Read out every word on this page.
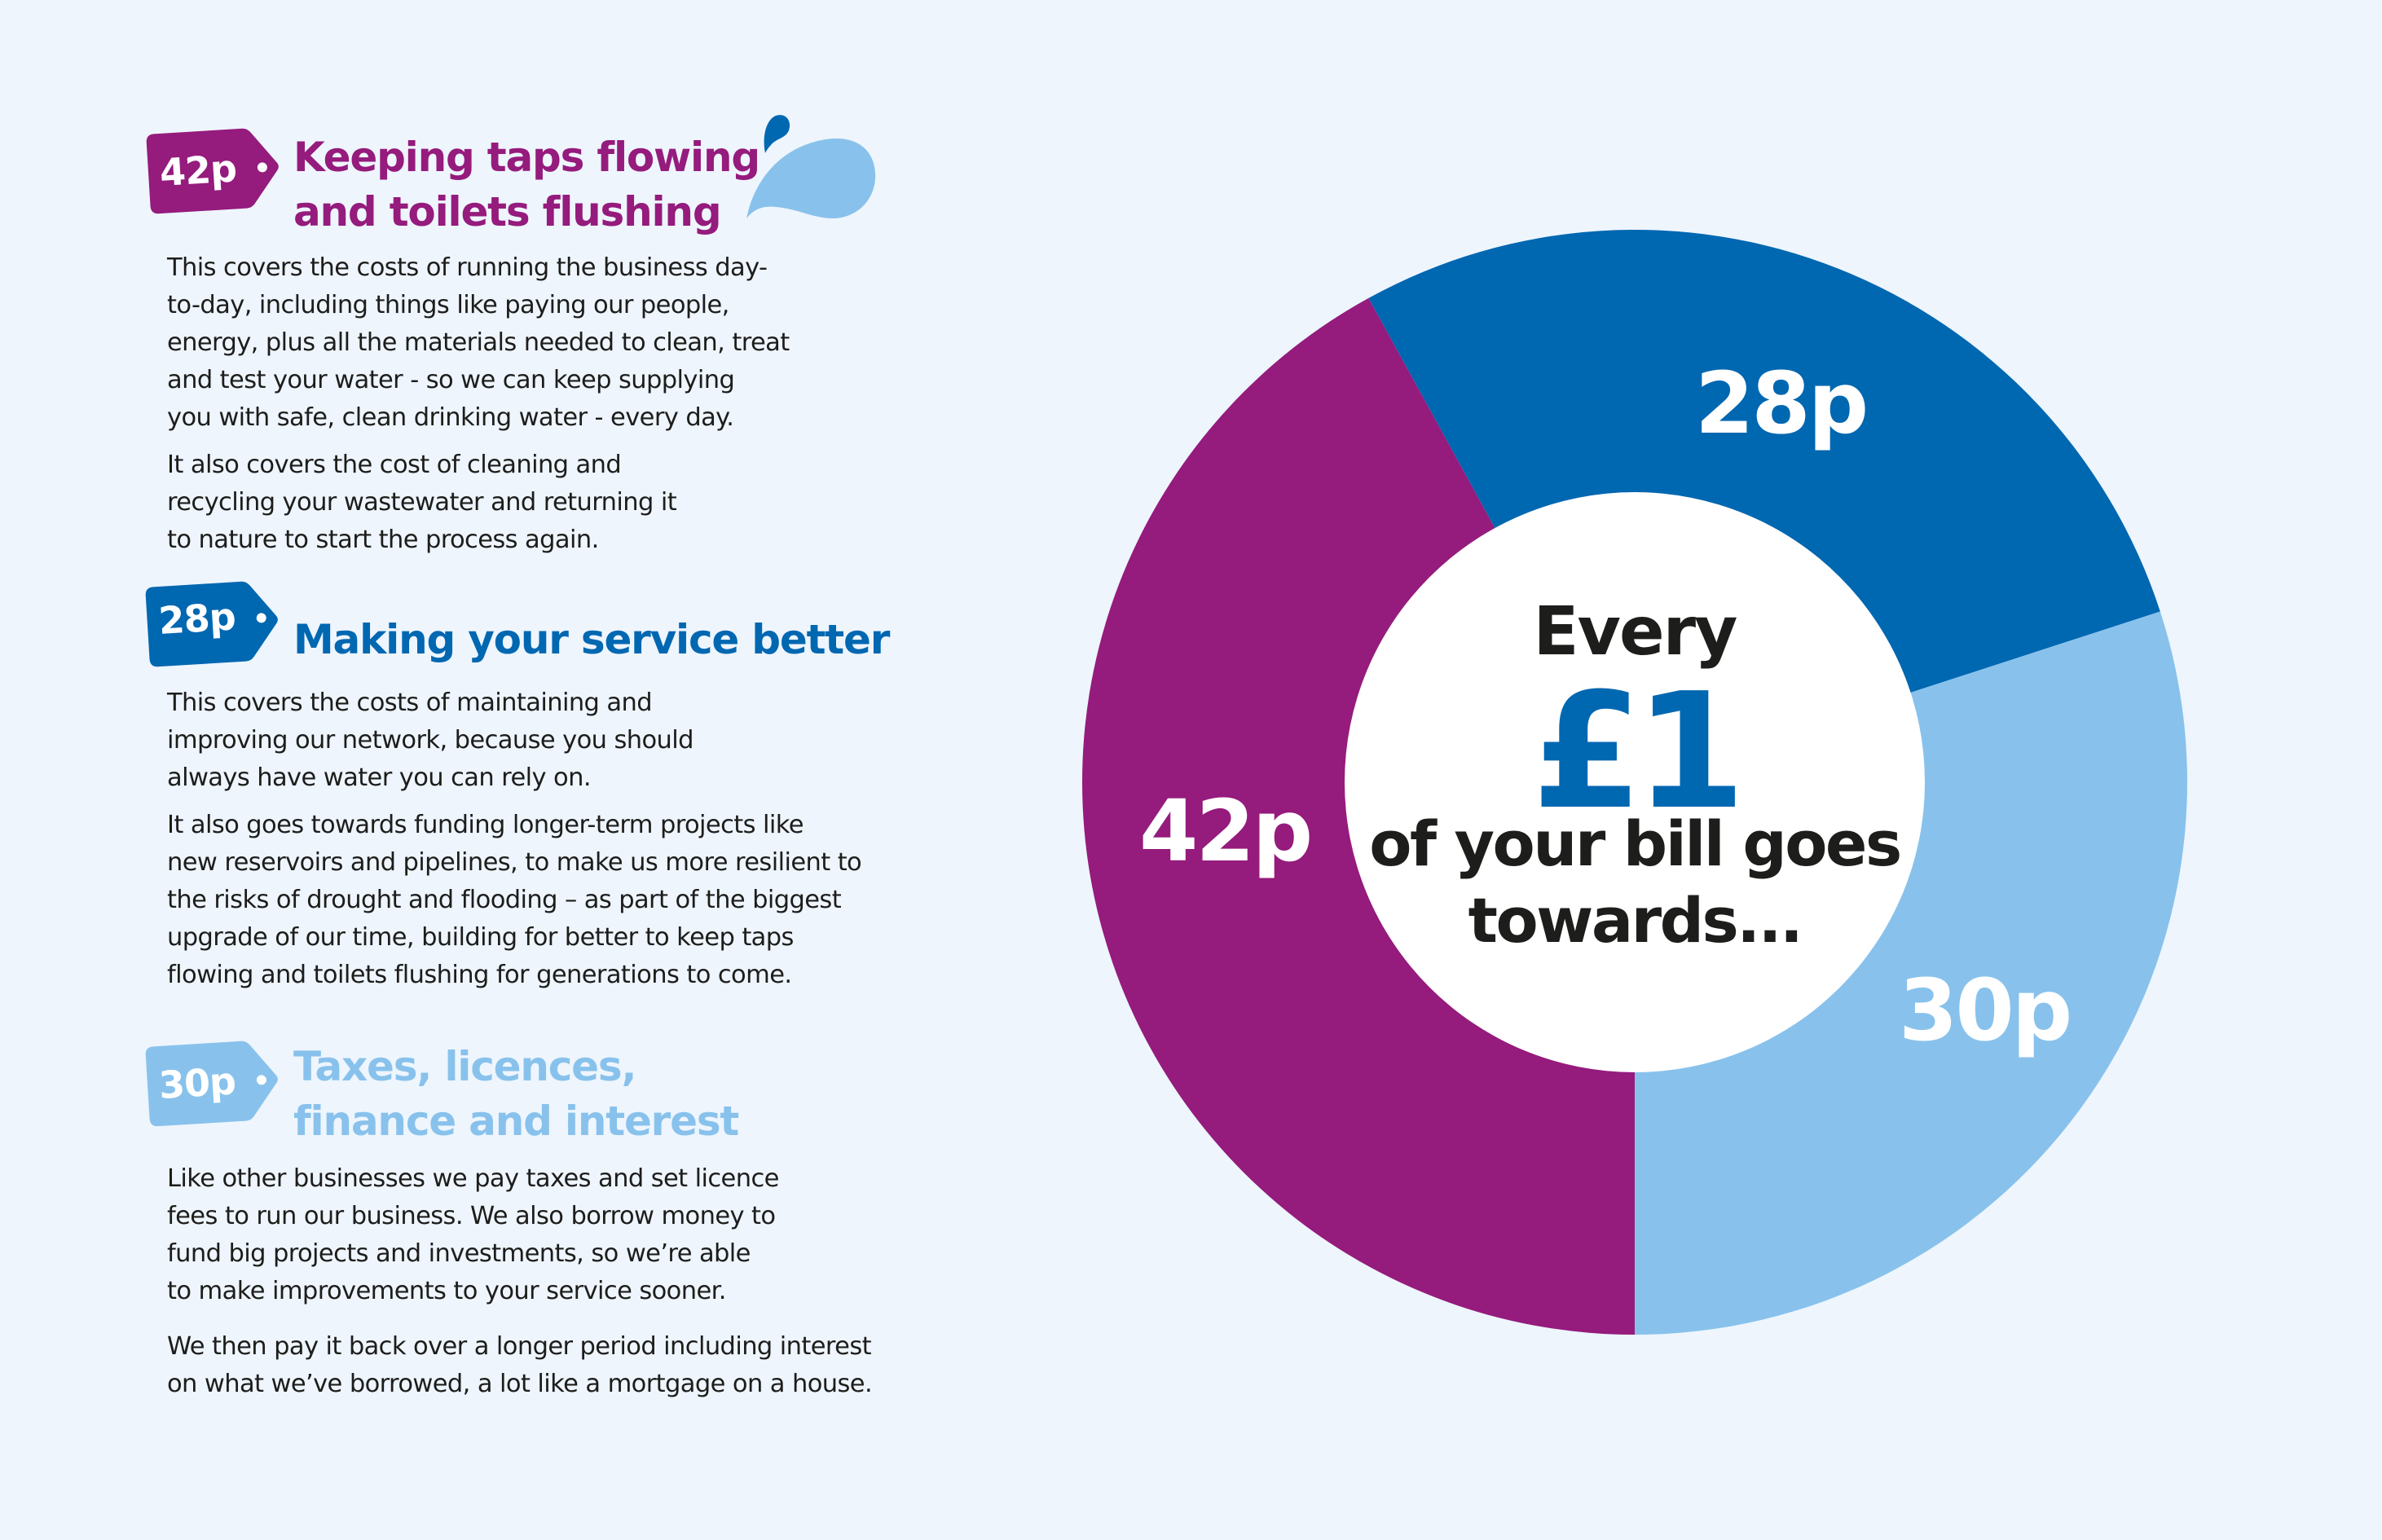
42p Keeping taps flowing
and toilets flushing

This covers the costs of running the business day-
to-day, including things like paying our people,
energy, plus all the materials needed to clean, treat
and test your water - so we can keep supplying
you with safe, clean drinking water - every day.

It also covers the cost of cleaning and
recycling your wastewater and returning it
to nature to start the process again.

28p Making your service better

This covers the costs of maintaining and
improving our network, because you should
always have water you can rely on.

It also goes towards funding longer-term projects like
new reservoirs and pipelines, to make us more resilient to
the risks of drought and flooding – as part of the biggest
upgrade of our time, building for better to keep taps
flowing and toilets flushing for generations to come.

30p Taxes, licences,
finance and interest

Like other businesses we pay taxes and set licence
fees to run our business. We also borrow money to
fund big projects and investments, so we’re able
to make improvements to your service sooner.

We then pay it back over a longer period including interest
on what we’ve borrowed, a lot like a mortgage on a house.

42p
28p
30p
Every
£1
of your bill goes
towards...
